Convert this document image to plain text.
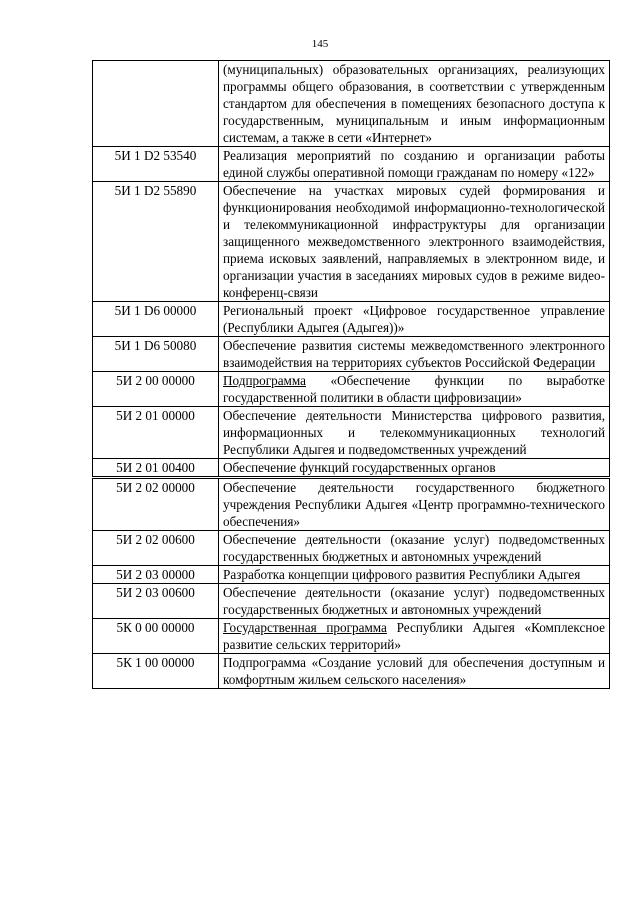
145
	(муниципальных) образовательных организациях, реализующих программы общего образования, в соответствии с утвержденным стандартом для обеспечения в помещениях безопасного доступа к государственным, муниципальным и иным информационным системам, а также в сети «Интернет»
5И 1 D2 53540	Реализация мероприятий по созданию и организации работы единой службы оперативной помощи гражданам по номеру «122»
5И 1 D2 55890	Обеспечение на участках мировых судей формирования и функционирования необходимой информационно-технологической и телекоммуникационной инфраструктуры для организации защищенного межведомственного электронного взаимодействия, приема исковых заявлений, направляемых в электронном виде, и организации участия в заседаниях мировых судов в режиме видео-конференц-связи
5И 1 D6 00000	Региональный проект «Цифровое государственное управление (Республики Адыгея (Адыгея))»
5И 1 D6 50080	Обеспечение развития системы межведомственного электронного взаимодействия на территориях субъектов Российской Федерации
5И 2 00 00000	Подпрограмма «Обеспечение функции по выработке государственной политики в области цифровизации»
5И 2 01 00000	Обеспечение деятельности Министерства цифрового развития, информационных и телекоммуникационных технологий Республики Адыгея и подведомственных учреждений
5И 2 01 00400	Обеспечение функций государственных органов
5И 2 02 00000	Обеспечение деятельности государственного бюджетного учреждения Республики Адыгея «Центр программно-технического обеспечения»
5И 2 02 00600	Обеспечение деятельности (оказание услуг) подведомственных государственных бюджетных и автономных учреждений
5И 2 03 00000	Разработка концепции цифрового развития Республики Адыгея
5И 2 03 00600	Обеспечение деятельности (оказание услуг) подведомственных государственных бюджетных и автономных учреждений
5К 0 00 00000	Государственная программа Республики Адыгея «Комплексное развитие сельских территорий»
5К 1 00 00000	Подпрограмма «Создание условий для обеспечения доступным и комфортным жильем сельского населения»
